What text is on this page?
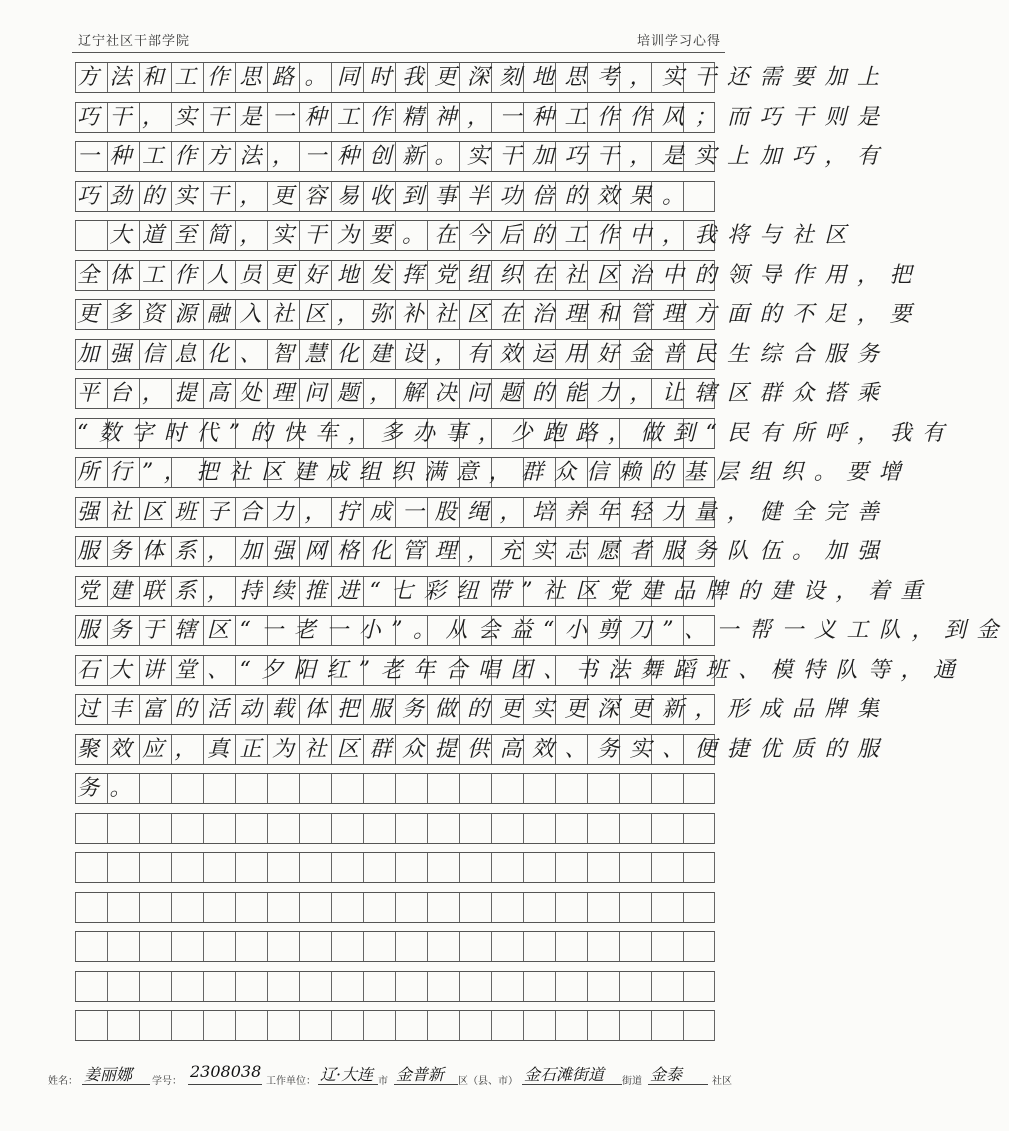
辽宁社区干部学院	培训学习心得
方法和工作思路。同时我更深刻地思考，实干还需要加上
巧干，实干是一种工作精神，一种工作作风；而巧干则是
一种工作方法，一种创新。实干加巧干，是实上加巧，有
巧劲的实干，更容易收到事半功倍的效果。
　大道至简，实干为要。在今后的工作中，我将与社区
全体工作人员更好地发挥党组织在社区治中的领导作用，把
更多资源融入社区，弥补社区在治理和管理方面的不足，要
加强信息化、智慧化建设，有效运用好金普民生综合服务
平台，提高处理问题，解决问题的能力，让辖区群众搭乘
“数字时代”的快车，多办事，少跑路，做到“民有所呼，我有
所行”，把社区建成组织满意，群众信赖的基层组织。要增
强社区班子合力，拧成一股绳，培养年轻力量，健全完善
服务体系，加强网格化管理，充实志愿者服务队伍。加强
党建联系，持续推进“七彩纽带”社区党建品牌的建设，着重
服务于辖区“一老一小”。从会益“小剪刀”、一帮一义工队，到金
石大讲堂、“夕阳红”老年合唱团、书法舞蹈班、模特队等，通
过丰富的活动载体把服务做的更实更深更新，形成品牌集
聚效应，真正为社区群众提供高效、务实、便捷优质的服
务。
姓名： 姜丽娜	学号：
2308038
工作单位： 辽·大连 市 金普新	区（县、市） 金石滩街道	街道 金泰	社区
